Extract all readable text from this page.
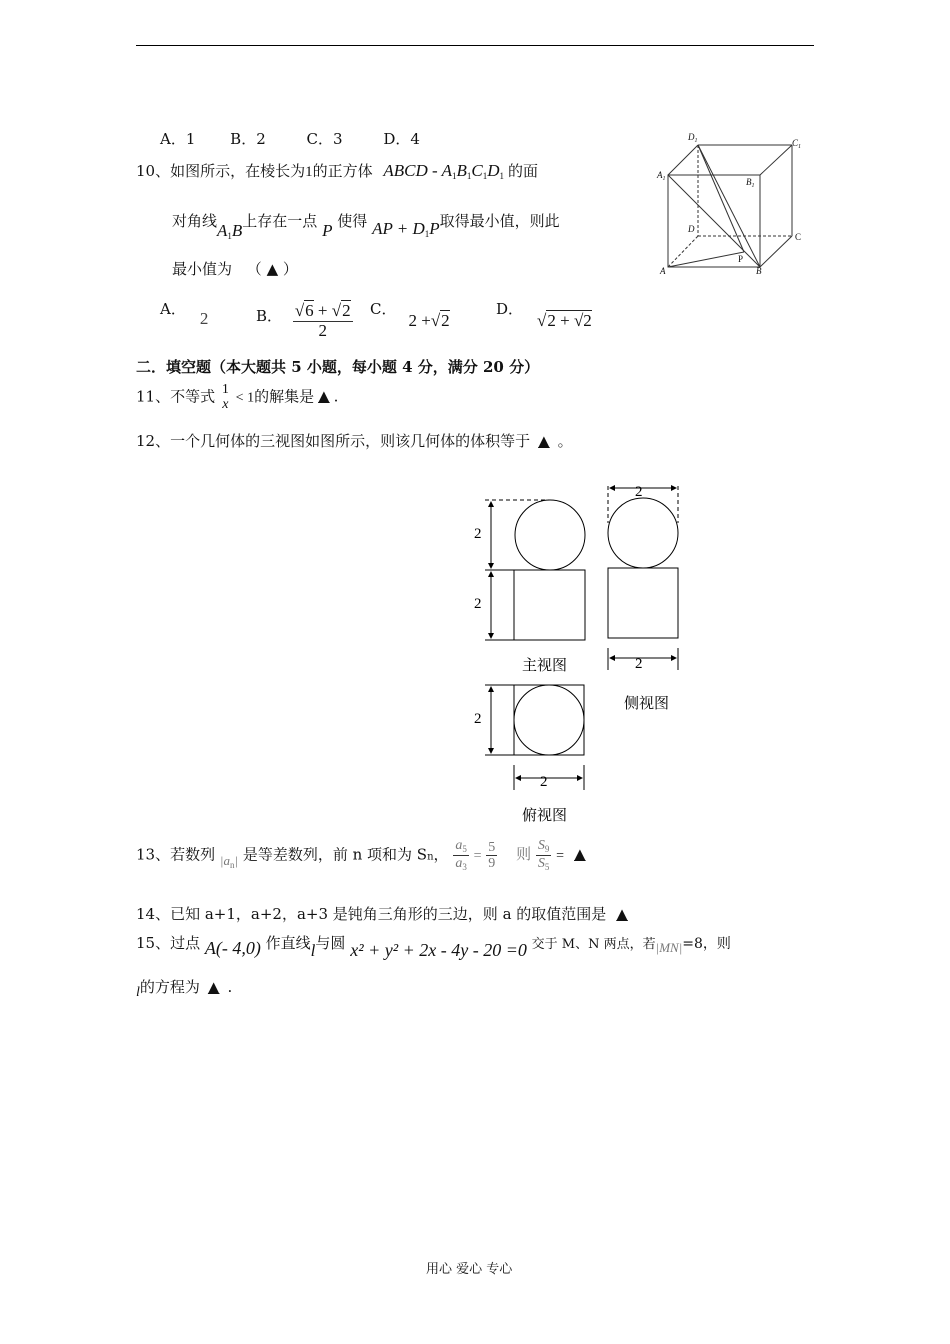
A．1 B．2	C．3	D．4
10、如图所示，在棱长为1的正方体 ABCD - $A_1B_1C_1D_1$ 的面
对角线$A_1B$上存在一点 P 使得 AP + $D_1P$取得最小值，则此
最小值为 （ ▲ ）
A． 2	B． $\frac{√6 + √2}{2}$ C．2 +√2
D．√2 + √2
$D_1$	$C_1$
$A_1$	$B_1$
D
C
A	B
P
二．填空题（本大题共 5 小题，每小题 4 分，满分 20 分）
11、不等式 1
x < 1的解集是 ▲ .
12、一个几何体的三视图如图所示，则该几何体的体积等于 ▲ 。
2
2
2
2
2
2
主视图
侧视图
俯视图
13、若数列 $|a_n|$ 是等差数列，前 n 项和为 Sn， $\frac{a_5}{a_3} = \frac{5}{9}$ 则 $\frac{S_9}{S_5}$ = ▲
14、已知 a+1，a+2，a+3 是钝角三角形的三边，则 a 的取值范围是 ▲
15、过点 A(- 4,0) 作直线l与圆 x² + y² + 2x - 4y - 20 =0 交于 M、N 两点，若|MN|=8，则
l的方程为 ▲ .
用心 爱心 专心
